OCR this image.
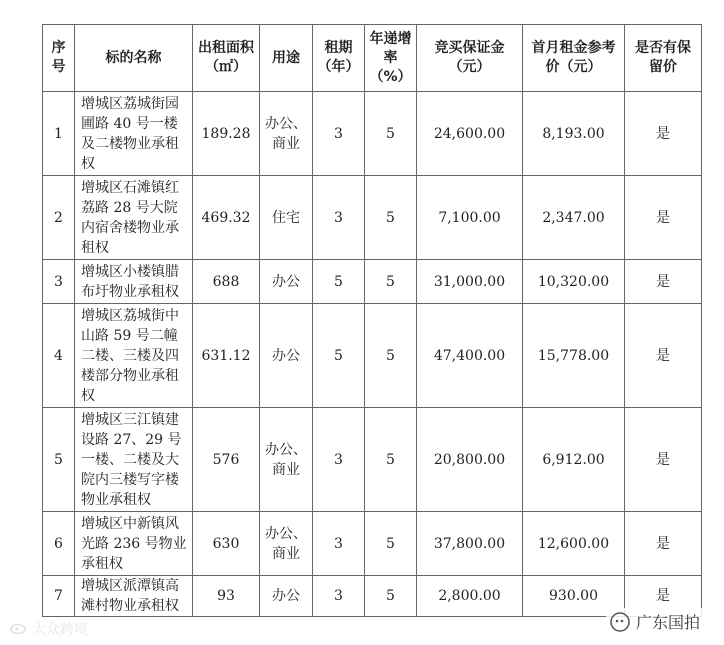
序号	标的名称	出租面积（㎡）	用途	租期（年）	年递增率（%）	竞买保证金（元）	首月租金参考价（元）	是否有保留价
1	增城区荔城街园圃路 40 号一楼及二楼物业承租权	189.28	办公、商业	3	5	24,600.00	8,193.00	是
2	增城区石滩镇红荔路 28 号大院内宿舍楼物业承租权	469.32	住宅	3	5	7,100.00	2,347.00	是
3	增城区小楼镇腊布圩物业承租权	688	办公	5	5	31,000.00	10,320.00	是
4	增城区荔城街中山路 59 号二幢二楼、三楼及四楼部分物业承租权	631.12	办公	5	5	47,400.00	15,778.00	是
5	增城区三江镇建设路 27、29 号一楼、二楼及大院内三楼写字楼物业承租权	576	办公、商业	3	5	20,800.00	6,912.00	是
6	增城区中新镇风光路 236 号物业承租权	630	办公、商业	3	5	37,800.00	12,600.00	是
7	增城区派潭镇高滩村物业承租权	93	办公	3	5	2,800.00	930.00	是
大众跨境	广东国拍
